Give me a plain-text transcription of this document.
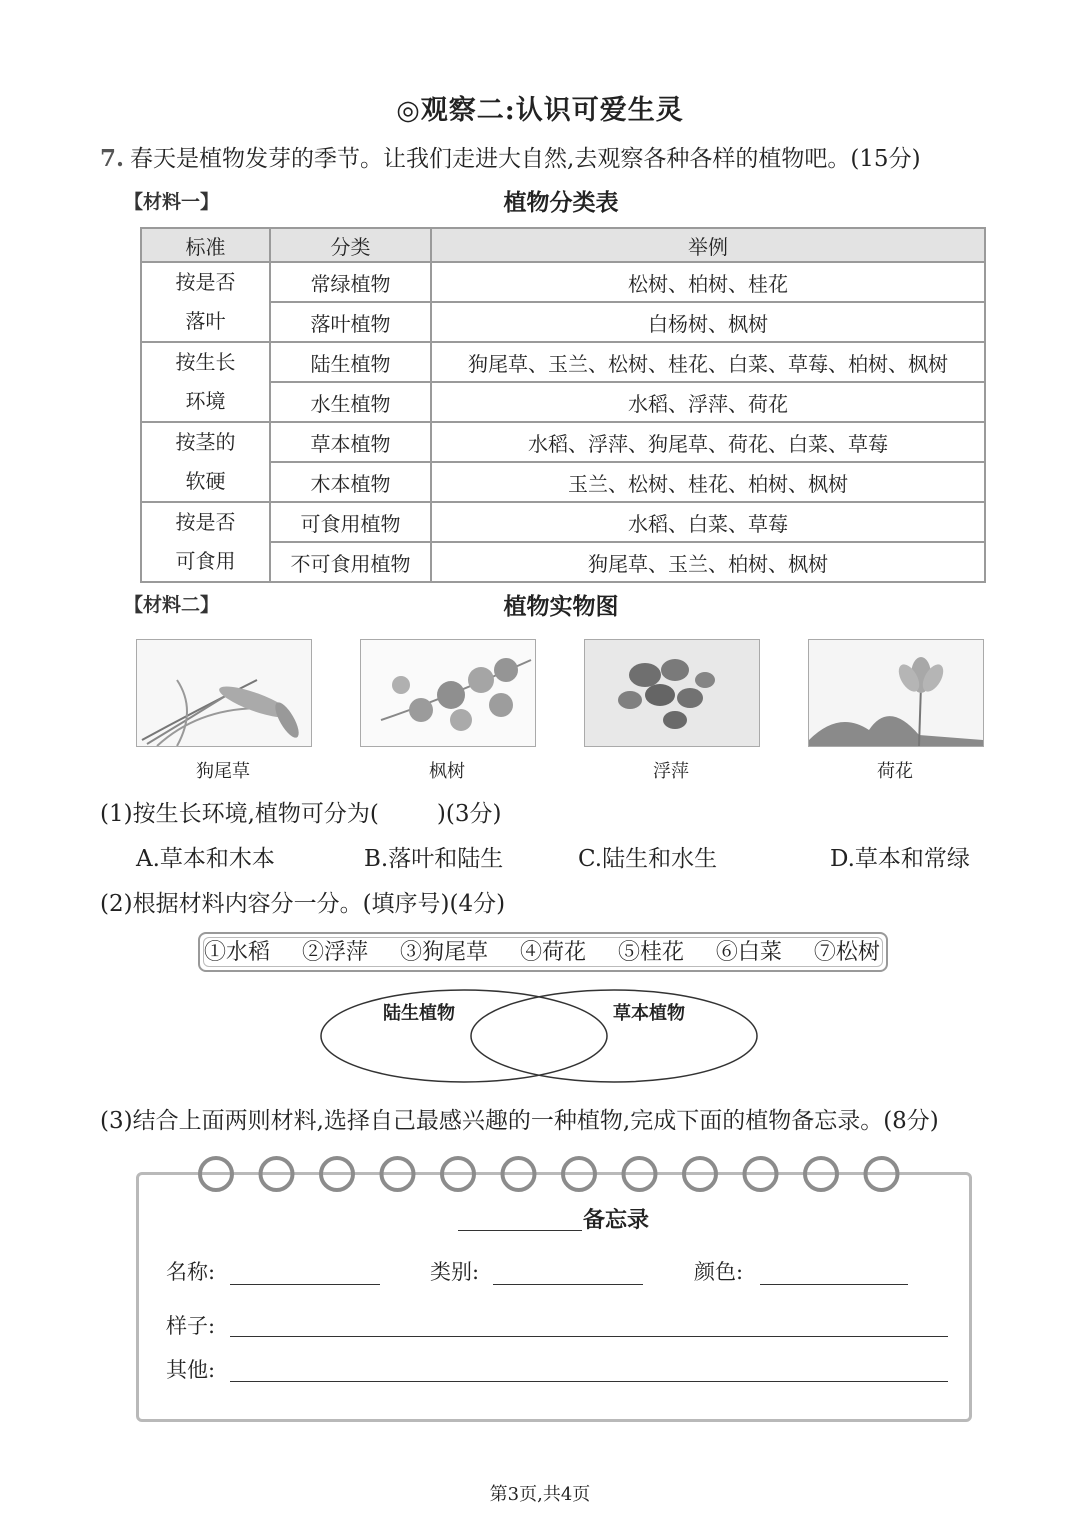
◎观察二:认识可爱生灵
7. 春天是植物发芽的季节。让我们走进大自然,去观察各种各样的植物吧。(15分)
【材料一】	植物分类表
标准	分类	举例
按是否
落叶	常绿植物	松树、柏树、桂花
	落叶植物	白杨树、枫树
按生长
环境	陆生植物	狗尾草、玉兰、松树、桂花、白菜、草莓、柏树、枫树
	水生植物	水稻、浮萍、荷花
按茎的
软硬	草本植物	水稻、浮萍、狗尾草、荷花、白菜、草莓
	木本植物	玉兰、松树、桂花、柏树、枫树
按是否
可食用	可食用植物	水稻、白菜、草莓
	不可食用植物	狗尾草、玉兰、柏树、枫树
【材料二】	植物实物图
狗尾草	枫树	浮萍	荷花
(1)按生长环境,植物可分为(	)(3分)
A.草本和木本	B.落叶和陆生	C.陆生和水生	D.草本和常绿
(2)根据材料内容分一分。(填序号)(4分)
①水稻 ②浮萍 ③狗尾草 ④荷花 ⑤桂花 ⑥白菜 ⑦松树
陆生植物	草本植物
(3)结合上面两则材料,选择自己最感兴趣的一种植物,完成下面的植物备忘录。(8分)
备忘录
名称:	类别:	颜色:
样子:
其他:
第3页,共4页
